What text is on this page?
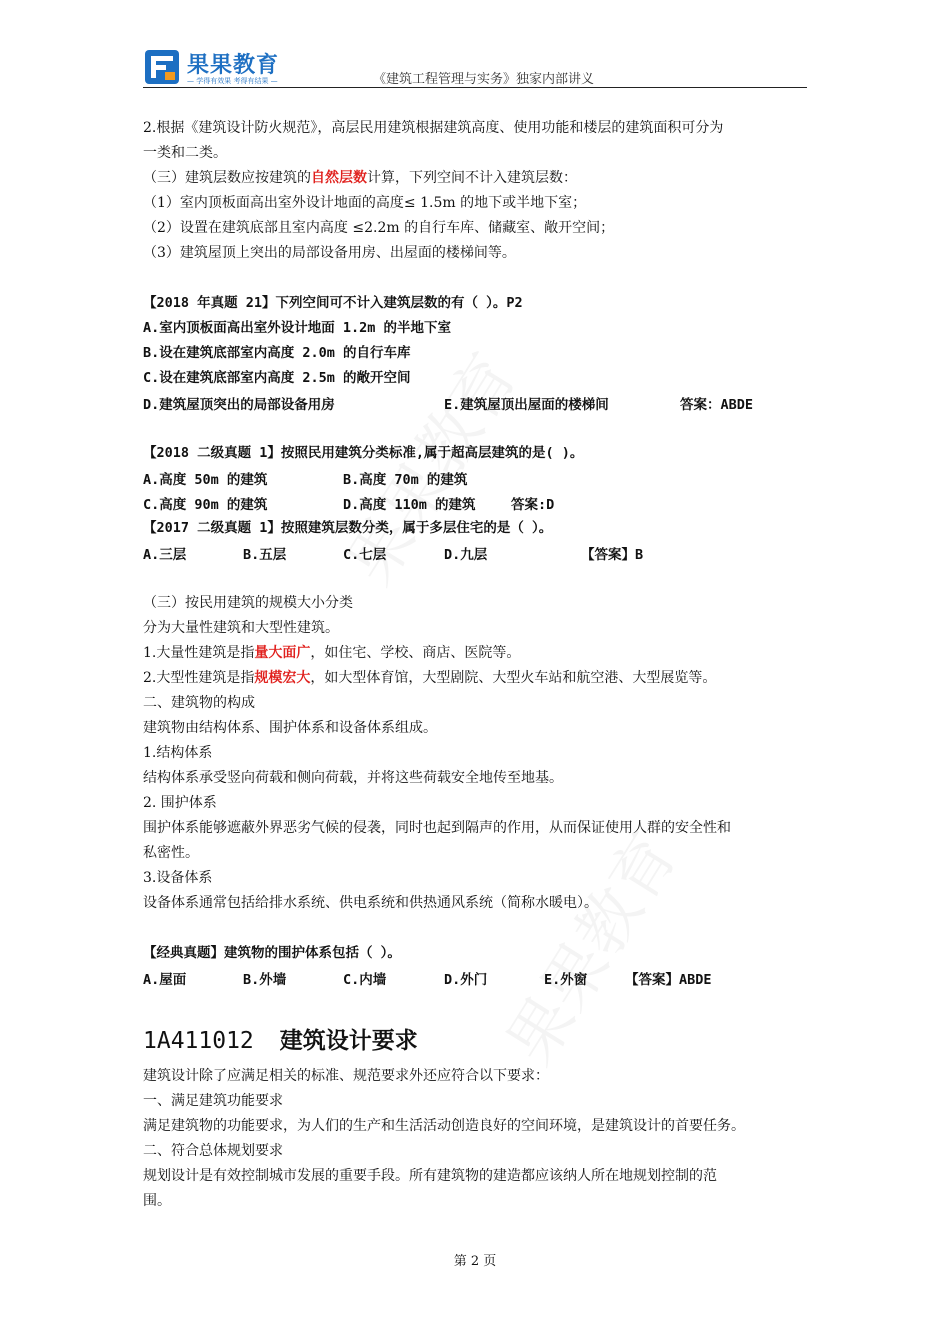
果果教育
— 学得有效果 考得有结果 —	《建筑工程管理与实务》独家内部讲义
2.根据《建筑设计防火规范》，高层民用建筑根据建筑高度、使用功能和楼层的建筑面积可分为
一类和二类。
（三）建筑层数应按建筑的自然层数计算，下列空间不计入建筑层数：
（1）室内顶板面高出室外设计地面的高度≤ 1.5m 的地下或半地下室；
（2）设置在建筑底部且室内高度 ≤2.2m 的自行车库、储藏室、敞开空间；
（3）建筑屋顶上突出的局部设备用房、出屋面的楼梯间等。
【2018 年真题 21】下列空间可不计入建筑层数的有（ ）。P2
A.室内顶板面高出室外设计地面 1.2m 的半地下室
B.设在建筑底部室内高度 2.0m 的自行车库
C.设在建筑底部室内高度 2.5m 的敞开空间
D.建筑屋顶突出的局部设备用房	E.建筑屋顶出屋面的楼梯间	答案：ABDE
【2018 二级真题 1】按照民用建筑分类标准,属于超高层建筑的是( )。
A.高度 50m 的建筑	B.高度 70m 的建筑
C.高度 90m 的建筑	D.高度 110m 的建筑	答案:D
【2017 二级真题 1】按照建筑层数分类，属于多层住宅的是（ ）。
A.三层	B.五层	C.七层	D.九层	【答案】B
（三）按民用建筑的规模大小分类
分为大量性建筑和大型性建筑。
1.大量性建筑是指量大面广，如住宅、学校、商店、医院等。
2.大型性建筑是指规模宏大，如大型体育馆，大型剧院、大型火车站和航空港、大型展览等。
二、建筑物的构成
建筑物由结构体系、围护体系和设备体系组成。
1.结构体系
结构体系承受竖向荷载和侧向荷载，并将这些荷载安全地传至地基。
2. 围护体系
围护体系能够遮蔽外界恶劣气候的侵袭，同时也起到隔声的作用，从而保证使用人群的安全性和
私密性。
3.设备体系
设备体系通常包括给排水系统、供电系统和供热通风系统（简称水暖电）。
【经典真题】建筑物的围护体系包括（ ）。
A.屋面	B.外墙	C.内墙	D.外门	E.外窗	【答案】ABDE
1A411012 建筑设计要求
建筑设计除了应满足相关的标准、规范要求外还应符合以下要求：
一、满足建筑功能要求
满足建筑物的功能要求，为人们的生产和生活活动创造良好的空间环境，是建筑设计的首要任务。
二、符合总体规划要求
规划设计是有效控制城市发展的重要手段。所有建筑物的建造都应该纳人所在地规划控制的范
围。
第 2 页
